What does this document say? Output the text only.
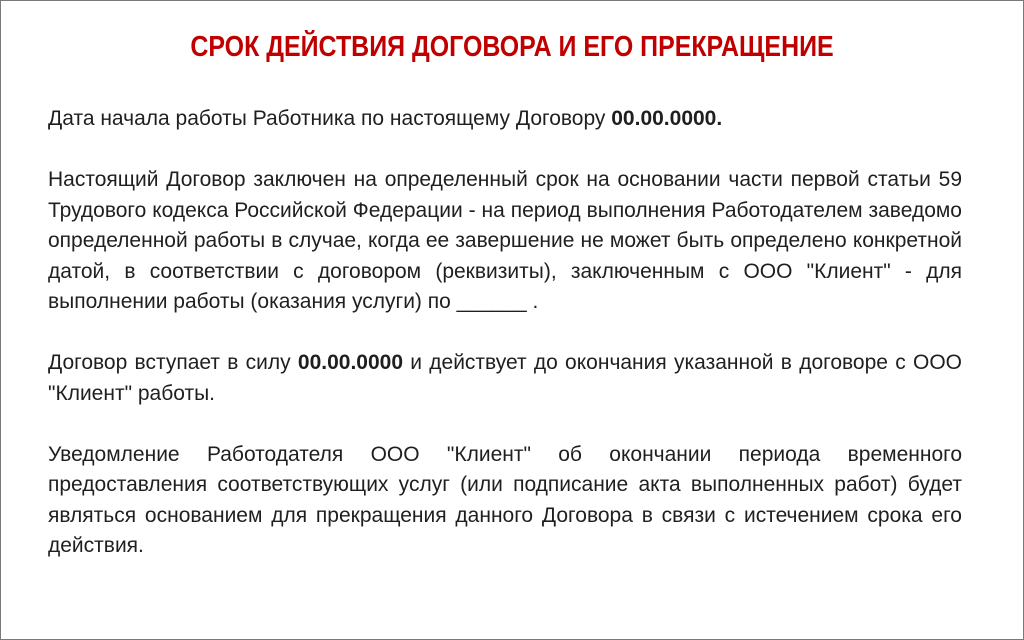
СРОК ДЕЙСТВИЯ ДОГОВОРА И ЕГО ПРЕКРАЩЕНИЕ

Дата начала работы Работника по настоящему Договору 00.00.0000.

Настоящий Договор заключен на определенный срок на основании части первой статьи 59 Трудового кодекса Российской Федерации - на период выполнения Работодателем заведомо определенной работы в случае, когда ее завершение не может быть определено конкретной датой, в соответствии с договором (реквизиты), заключенным с ООО "Клиент" - для выполнении работы (оказания услуги) по ______ .

Договор вступает в силу 00.00.0000 и действует до окончания указанной в договоре с ООО "Клиент" работы.

Уведомление Работодателя ООО "Клиент" об окончании периода временного предоставления соответствующих услуг (или подписание акта выполненных работ) будет являться основанием для прекращения данного Договора в связи с истечением срока его действия.
